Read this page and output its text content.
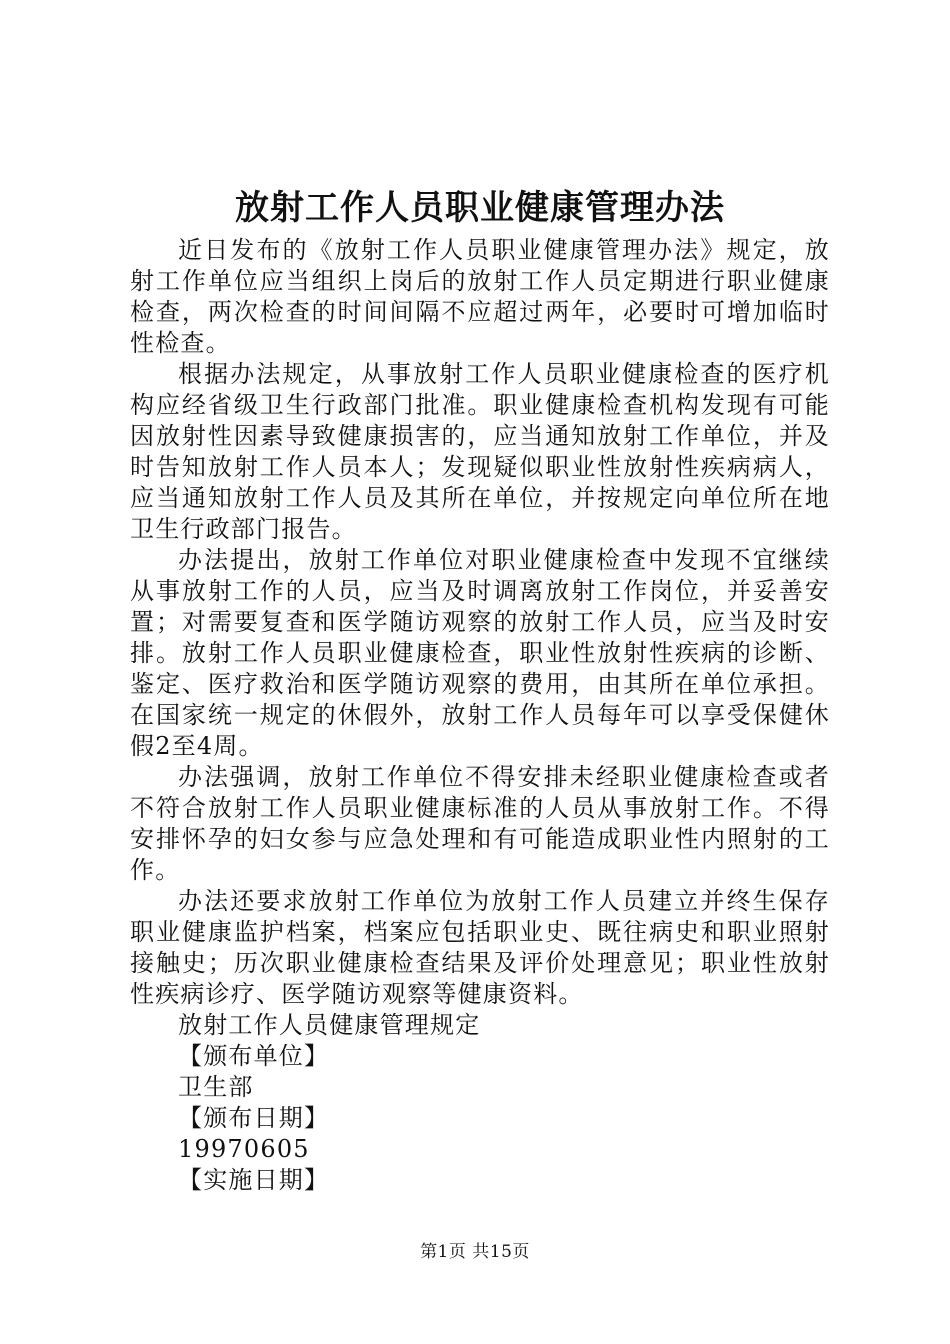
放射工作人员职业健康管理办法

近日发布的《放射工作人员职业健康管理办法》规定，放射工作单位应当组织上岗后的放射工作人员定期进行职业健康检查，两次检查的时间间隔不应超过两年，必要时可增加临时性检查。

根据办法规定，从事放射工作人员职业健康检查的医疗机构应经省级卫生行政部门批准。职业健康检查机构发现有可能因放射性因素导致健康损害的，应当通知放射工作单位，并及时告知放射工作人员本人；发现疑似职业性放射性疾病病人，应当通知放射工作人员及其所在单位，并按规定向单位所在地卫生行政部门报告。

办法提出，放射工作单位对职业健康检查中发现不宜继续从事放射工作的人员，应当及时调离放射工作岗位，并妥善安置；对需要复查和医学随访观察的放射工作人员，应当及时安排。放射工作人员职业健康检查，职业性放射性疾病的诊断、鉴定、医疗救治和医学随访观察的费用，由其所在单位承担。在国家统一规定的休假外，放射工作人员每年可以享受保健休假2至4周。

办法强调，放射工作单位不得安排未经职业健康检查或者不符合放射工作人员职业健康标准的人员从事放射工作。不得安排怀孕的妇女参与应急处理和有可能造成职业性内照射的工作。

办法还要求放射工作单位为放射工作人员建立并终生保存职业健康监护档案，档案应包括职业史、既往病史和职业照射接触史；历次职业健康检查结果及评价处理意见；职业性放射性疾病诊疗、医学随访观察等健康资料。

放射工作人员健康管理规定

【颁布单位】

卫生部

【颁布日期】

19970605

【实施日期】

第1页 共15页
